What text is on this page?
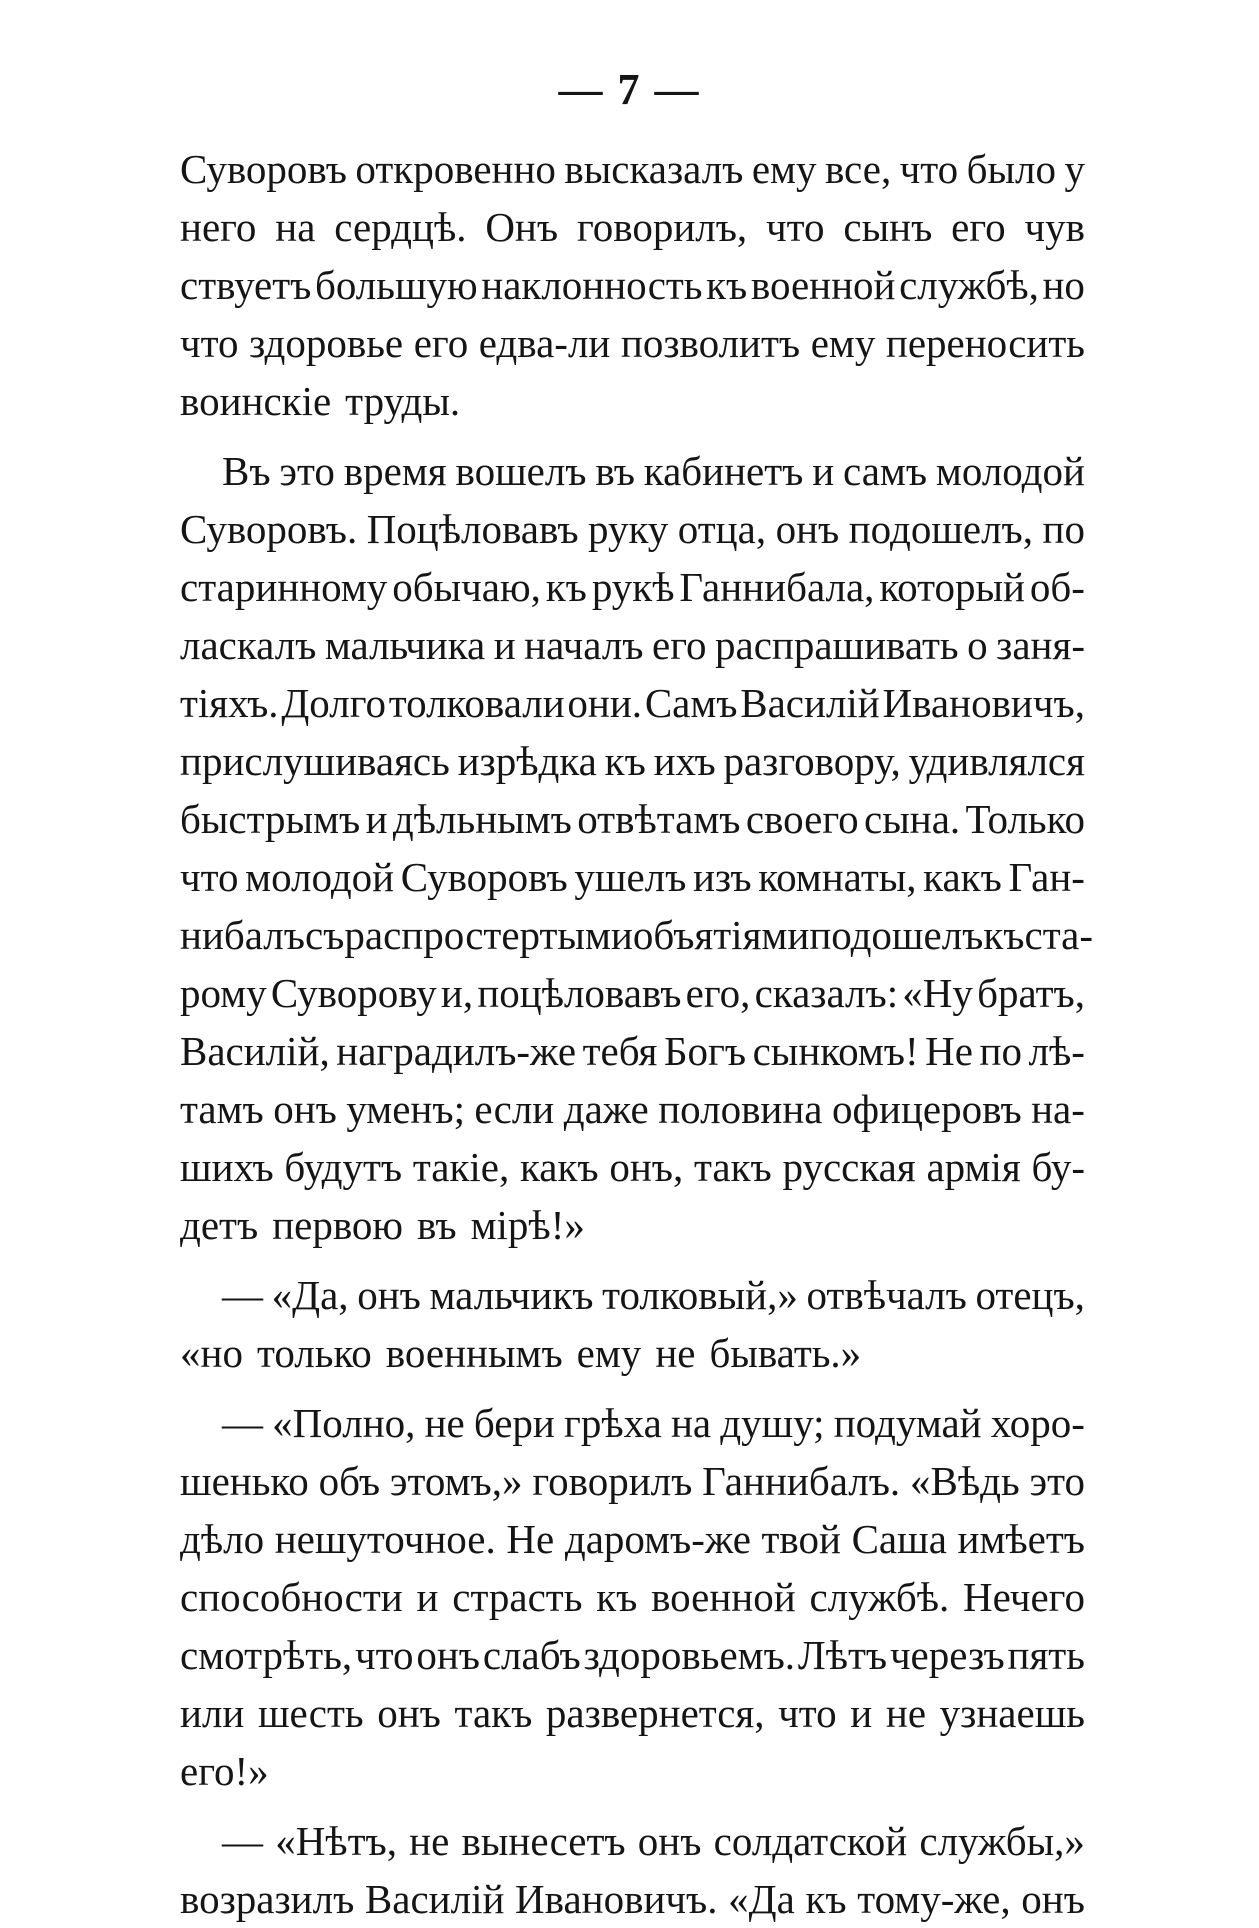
— 7 —
Суворовъ откровенно высказалъ ему все, что было у
него на сердцѣ. Онъ говорилъ, что сынъ его чув
ствуетъ большую наклонность къ военной службѣ, но
что здоровье его едва-ли позволитъ ему переносить
воинскіе труды.
Въ это время вошелъ въ кабинетъ и самъ молодой
Суворовъ. Поцѣловавъ руку отца, онъ подошелъ, по
старинному обычаю, къ рукѣ Ганнибала, который об-
ласкалъ мальчика и началъ его распрашивать о заня-
тіяхъ. Долго толковали они. Самъ Василій Ивановичъ,
прислушиваясь изрѣдка къ ихъ разговору, удивлялся
быстрымъ и дѣльнымъ отвѣтамъ своего сына. Только
что молодой Суворовъ ушелъ изъ комнаты, какъ Ган-
нибалъ съ распростертыми объятіями подошелъ къ ста-
рому Суворову и, поцѣловавъ его, сказалъ: «Ну братъ,
Василій, наградилъ-же тебя Богъ сынкомъ! Не по лѣ-
тамъ онъ уменъ; если даже половина офицеровъ на-
шихъ будутъ такіе, какъ онъ, такъ русская армія бу-
детъ первою въ мірѣ!»
— «Да, онъ мальчикъ толковый,» отвѣчалъ отецъ,
«но только военнымъ ему не бывать.»
— «Полно, не бери грѣха на душу; подумай хоро-
шенько объ этомъ,» говорилъ Ганнибалъ. «Вѣдь это
дѣло нешуточное. Не даромъ-же твой Саша имѣетъ
способности и страсть къ военной службѣ. Нечего
смотрѣть, что онъ слабъ здоровьемъ. Лѣтъ черезъ пять
или шесть онъ такъ развернется, что и не узнаешь
его!»
— «Нѣтъ, не вынесетъ онъ солдатской службы,»
возразилъ Василій Ивановичъ. «Да къ тому-же, онъ
